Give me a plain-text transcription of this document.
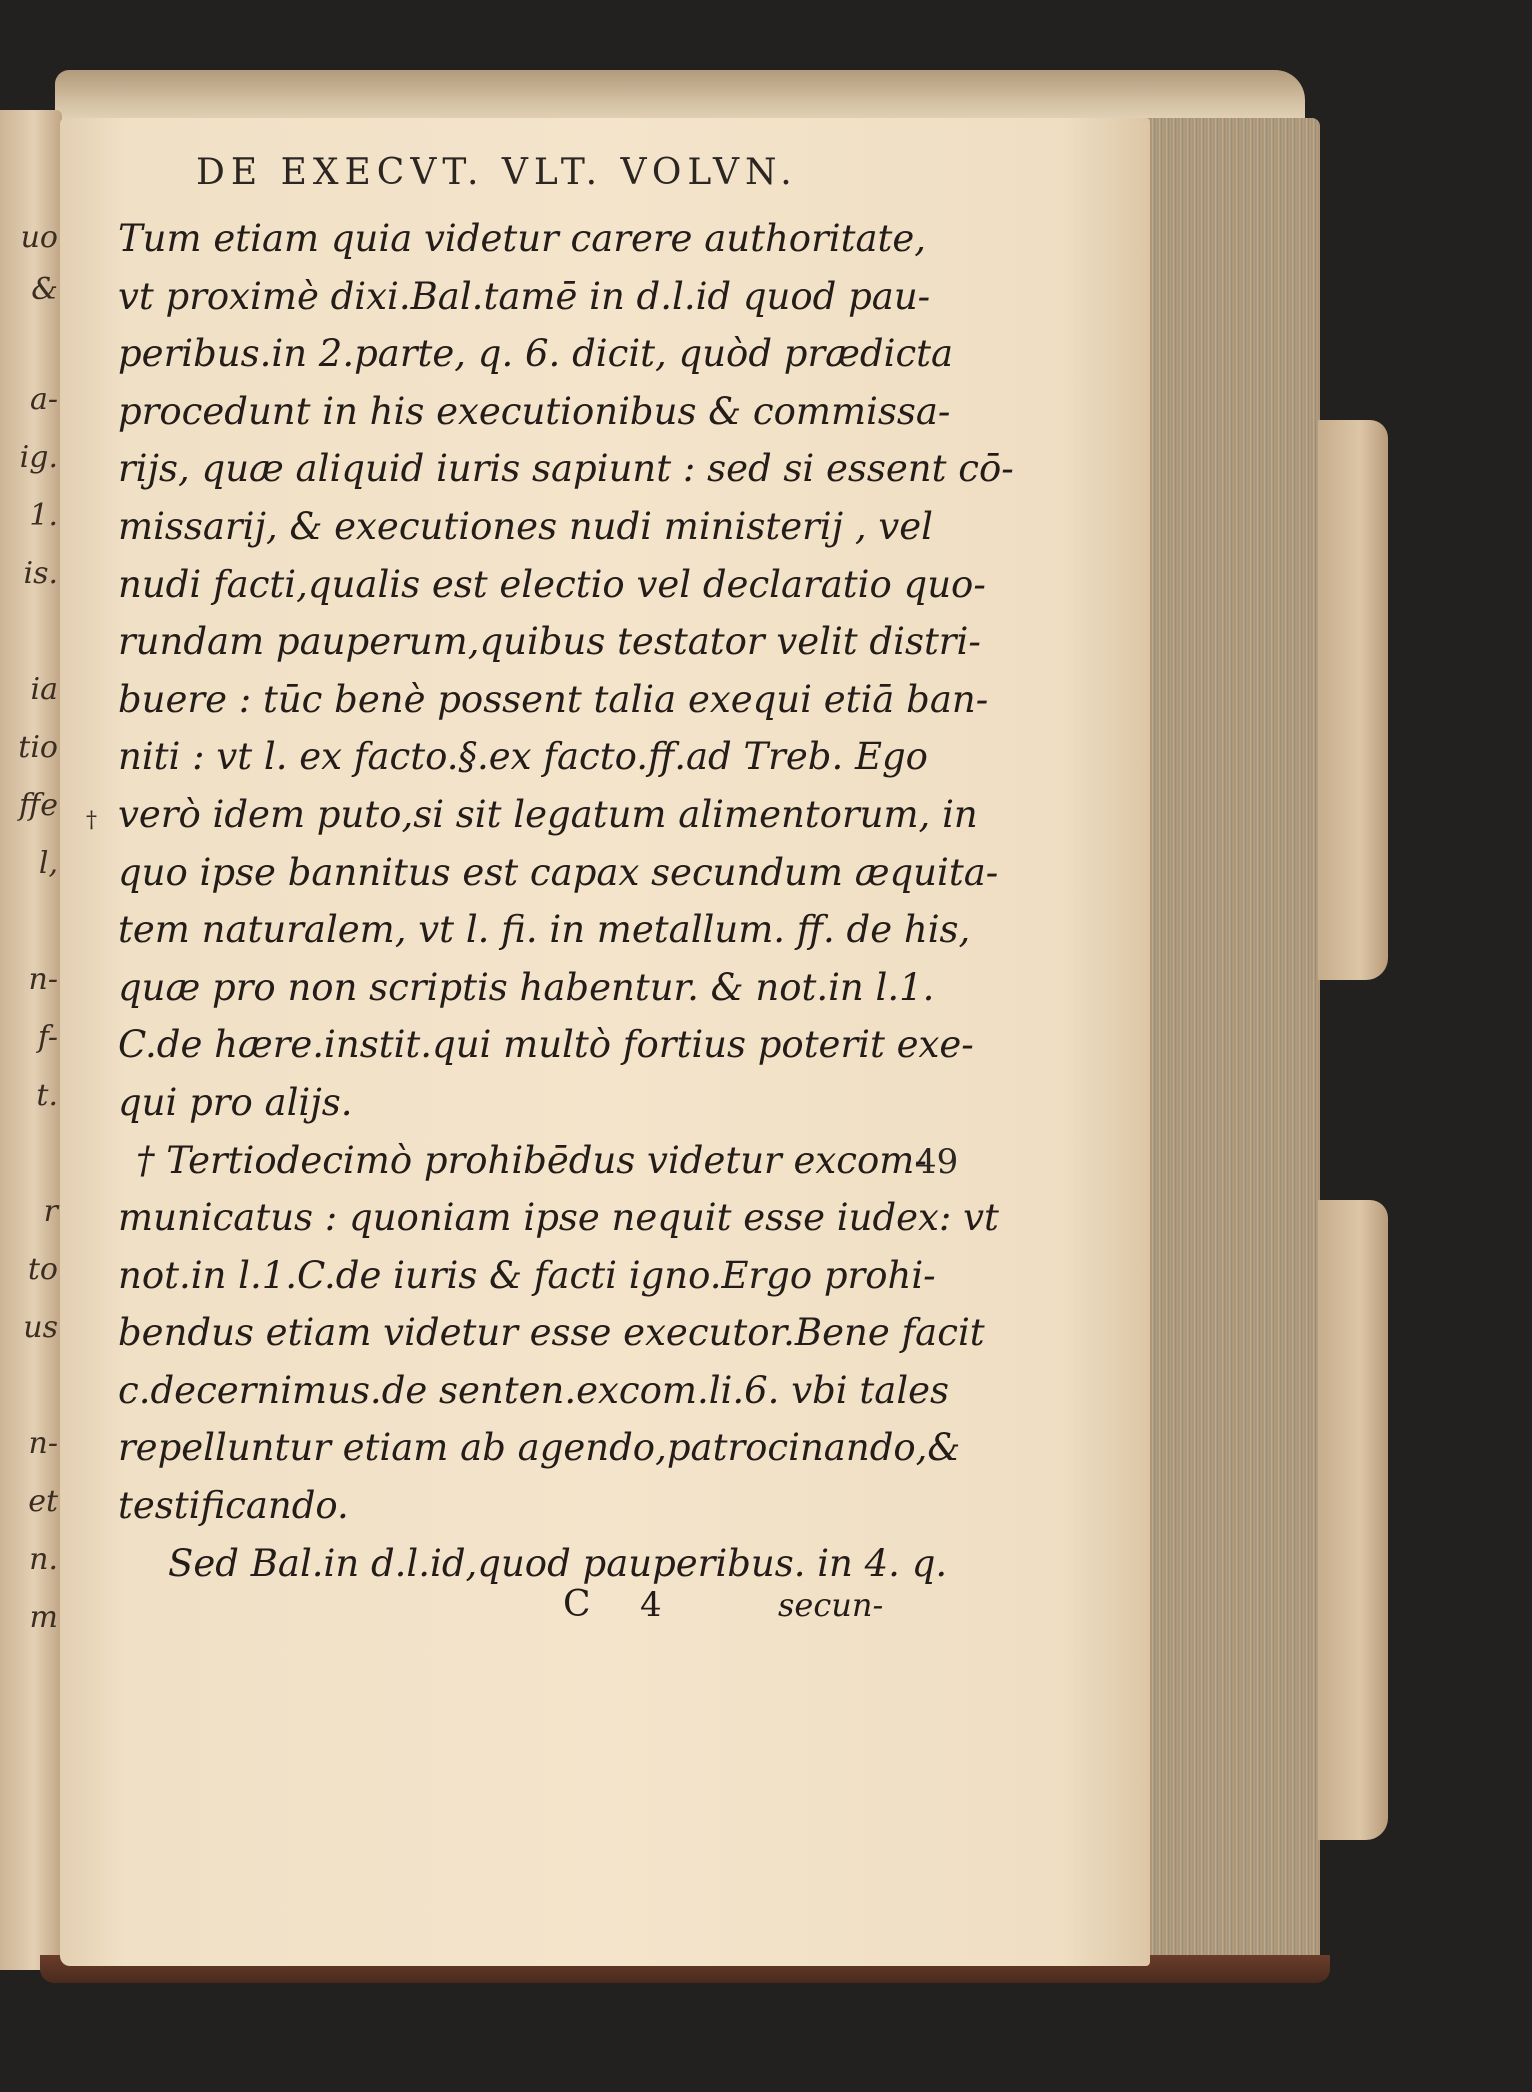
uo
&
a-
ig.
1.
is.
ia
tio
ffe
l,
n-
f-
t.
r
to
us
n-
et
n.
m
DE EXECVT. VLT. VOLVN.
†
49
Tum etiam quia videtur carere authoritate,
vt proximè dixi.Bal.tamē in d.l.id quod pau-
peribus.in 2.parte, q. 6. dicit, quòd prædicta
procedunt in his executionibus & commissa-
rijs, quæ aliquid iuris sapiunt : sed si essent cō-
missarij, & executiones nudi ministerij , vel
nudi facti,qualis est electio vel declaratio quo-
rundam pauperum,quibus testator velit distri-
buere : tūc benè possent talia exequi etiā ban-
niti : vt l. ex facto.§.ex facto.ff.ad Treb. Ego
verò idem puto,si sit legatum alimentorum, in
quo ipse bannitus est capax secundum æquita-
tem naturalem, vt l. fi. in metallum. ff. de his,
quæ pro non scriptis habentur. & not.in l.1.
C.de hære.instit.qui multò fortius poterit exe-
qui pro alijs.
† Tertiodecimò prohibēdus videtur excom-
municatus : quoniam ipse nequit esse iudex: vt
not.in l.1.C.de iuris & facti igno.Ergo prohi-
bendus etiam videtur esse executor.Bene facit
c.decernimus.de senten.excom.li.6. vbi tales
repelluntur etiam ab agendo,patrocinando,&
testificando.
Sed Bal.in d.l.id,quod pauperibus. in 4. q.
C 4	secun-
